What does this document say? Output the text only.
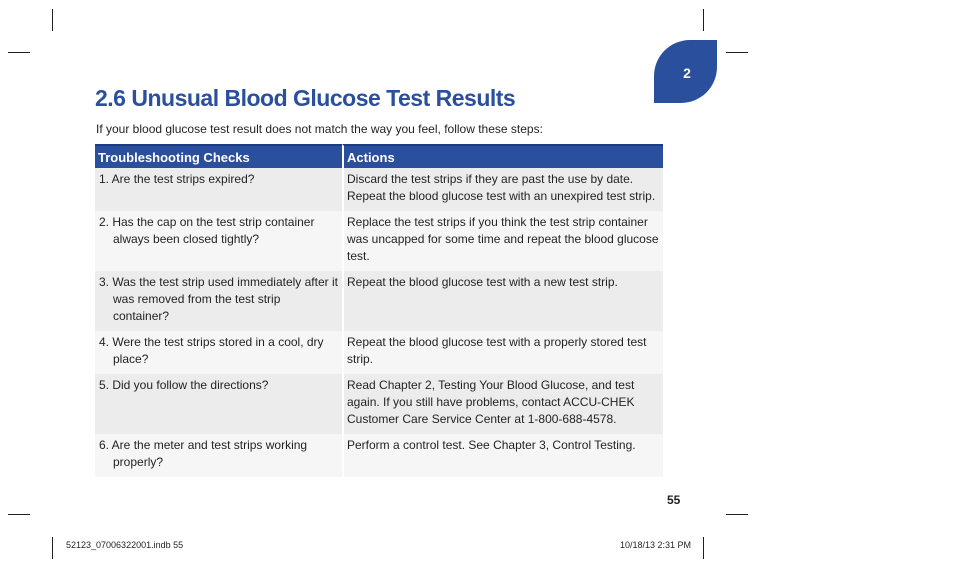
2
2.6 Unusual Blood Glucose Test Results

If your blood glucose test result does not match the way you feel, follow these steps:

Troubleshooting Checks	Actions

1. Are the test strips expired?	Discard the test strips if they are past the use by date. Repeat the blood glucose test with an unexpired test strip.

2. Has the cap on the test strip container always been closed tightly?	Replace the test strips if you think the test strip container was uncapped for some time and repeat the blood glucose test.

3. Was the test strip used immediately after it was removed from the test strip container?	Repeat the blood glucose test with a new test strip.

4. Were the test strips stored in a cool, dry place?	Repeat the blood glucose test with a properly stored test strip.

5. Did you follow the directions?	Read Chapter 2, Testing Your Blood Glucose, and test again. If you still have problems, contact ACCU-CHEK Customer Care Service Center at 1-800-688-4578.

6. Are the meter and test strips working properly?	Perform a control test. See Chapter 3, Control Testing.
55
52123_07006322001.indb 55	10/18/13 2:31 PM
